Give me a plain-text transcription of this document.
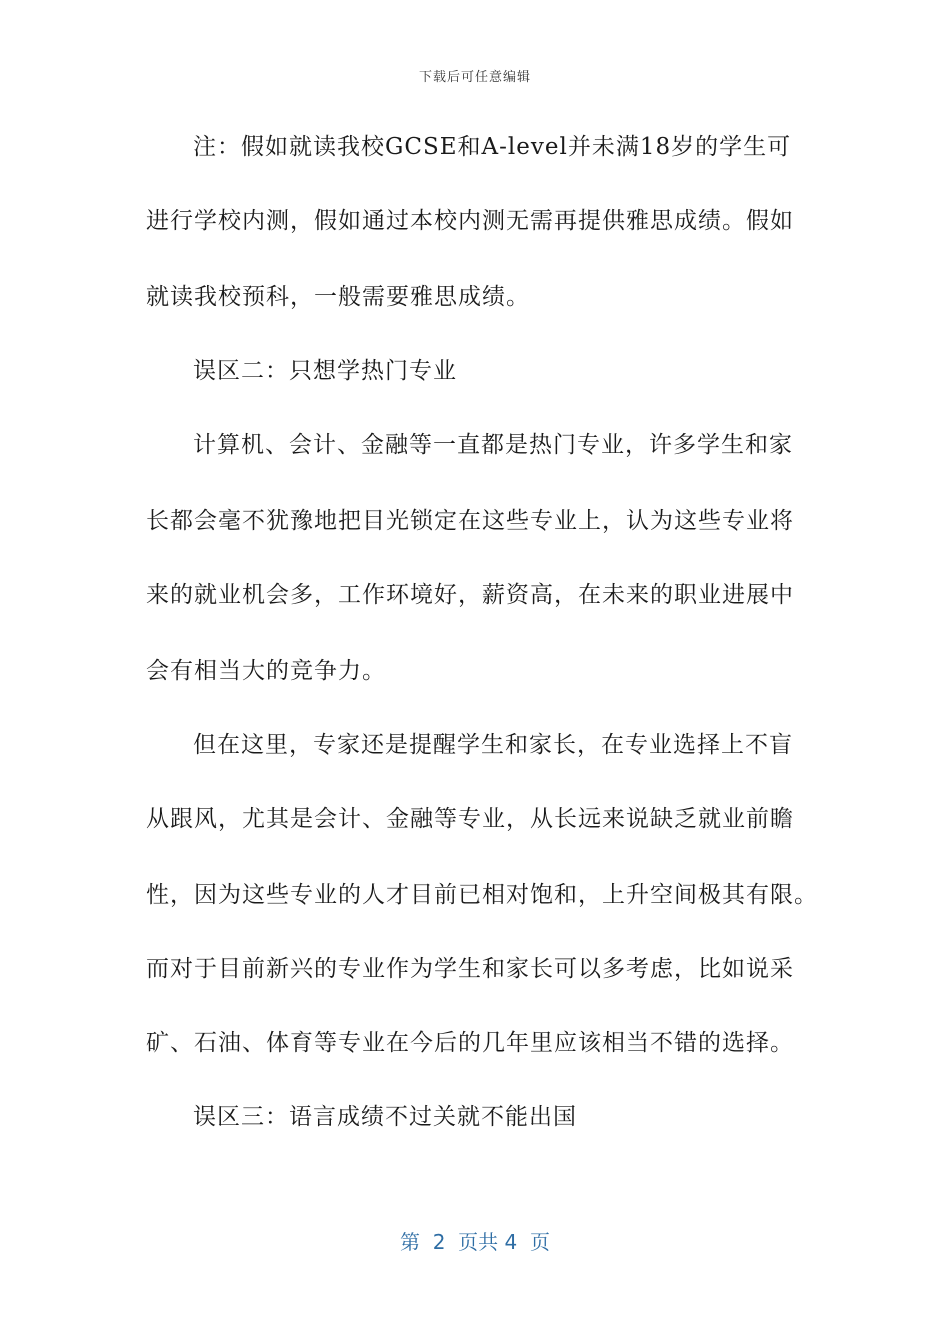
下载后可任意编辑
注：假如就读我校GCSE和A-level并未满18岁的学生可
进行学校内测，假如通过本校内测无需再提供雅思成绩。假如
就读我校预科，一般需要雅思成绩。
误区二：只想学热门专业
计算机、会计、金融等一直都是热门专业，许多学生和家
长都会毫不犹豫地把目光锁定在这些专业上，认为这些专业将
来的就业机会多，工作环境好，薪资高，在未来的职业进展中
会有相当大的竞争力。
但在这里，专家还是提醒学生和家长，在专业选择上不盲
从跟风，尤其是会计、金融等专业，从长远来说缺乏就业前瞻
性，因为这些专业的人才目前已相对饱和，上升空间极其有限。
而对于目前新兴的专业作为学生和家长可以多考虑，比如说采
矿、石油、体育等专业在今后的几年里应该相当不错的选择。
误区三：语言成绩不过关就不能出国
第  2  页共 4  页
